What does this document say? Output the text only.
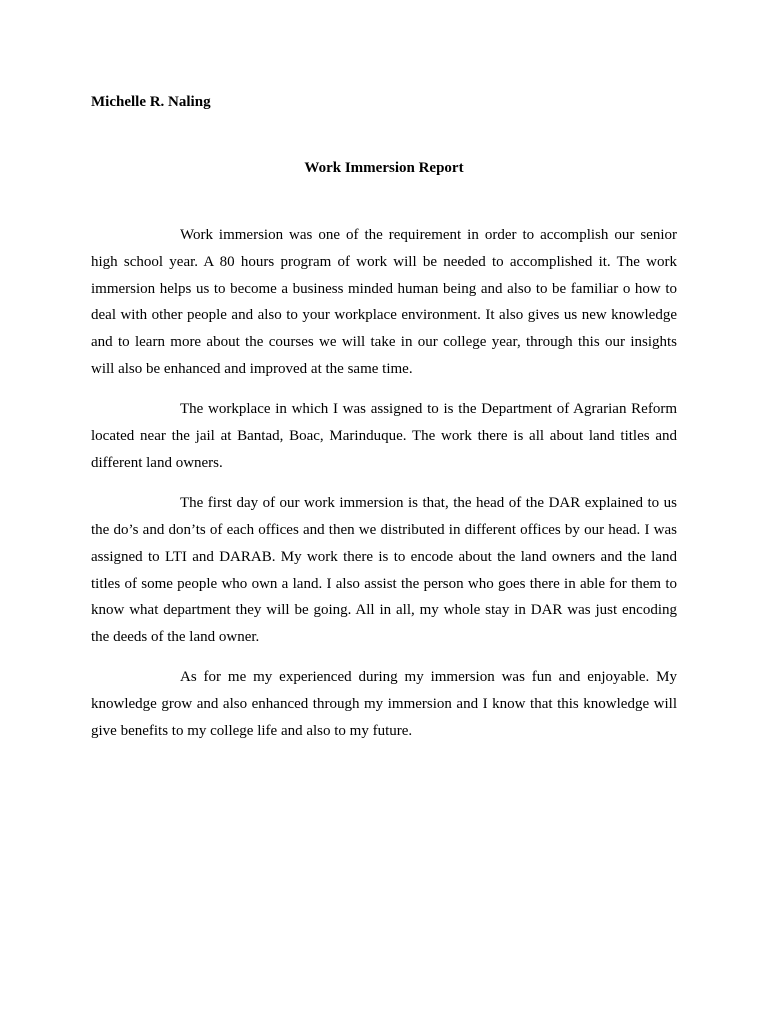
Michelle R. Naling
Work Immersion Report

Work immersion was one of the requirement in order to accomplish our senior high school year. A 80 hours program of work will be needed to accomplished it. The work immersion helps us to become a business minded human being and also to be familiar o how to deal with other people and also to your workplace environment. It also gives us new knowledge and to learn more about the courses we will take in our college year, through this our insights will also be enhanced and improved at the same time.

The workplace in which I was assigned to is the Department of Agrarian Reform located near the jail at Bantad, Boac, Marinduque. The work there is all about land titles and different land owners.

The first day of our work immersion is that, the head of the DAR explained to us the do’s and don’ts of each offices and then we distributed in different offices by our head. I was assigned to LTI and DARAB. My work there is to encode about the land owners and the land titles of some people who own a land. I also assist the person who goes there in able for them to know what department they will be going. All in all, my whole stay in DAR was just encoding the deeds of the land owner.

As for me my experienced during my immersion was fun and enjoyable. My knowledge grow and also enhanced through my immersion and I know that this knowledge will give benefits to my college life and also to my future.
